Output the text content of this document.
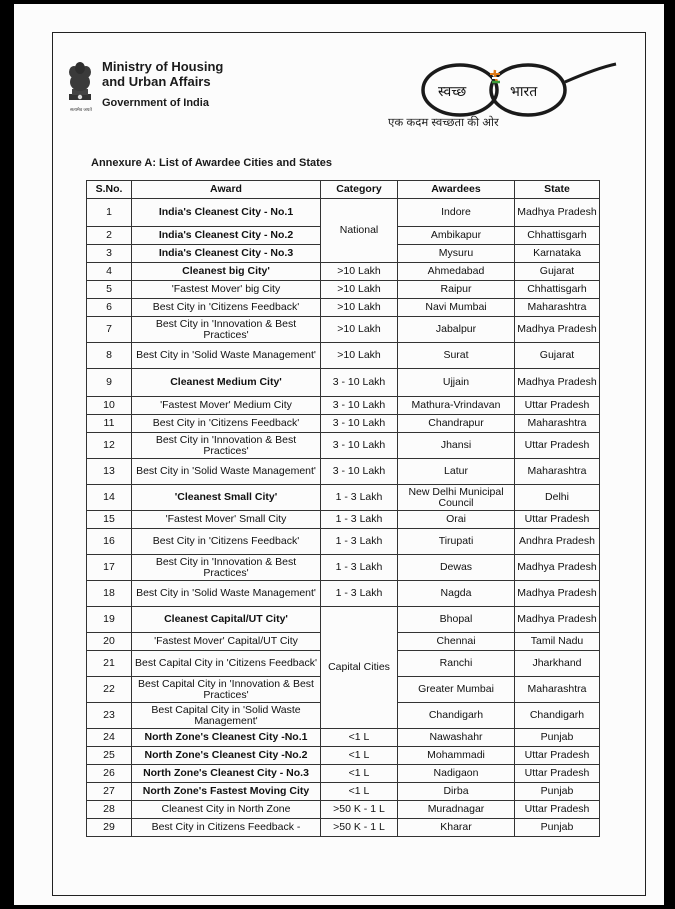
सत्यमेव जयते
Ministry of Housing
and Urban Affairs
Government of India
स्वच्छ	भारत
एक कदम स्वच्छता की ओर
Annexure A: List of Awardee Cities and States
S.No.	Award	Category	Awardees	State
1	India's Cleanest City - No.1	National	Indore	Madhya Pradesh
2	India's Cleanest City - No.2		Ambikapur	Chhattisgarh
3	India's Cleanest City - No.3		Mysuru	Karnataka
4	Cleanest big City'	>10 Lakh	Ahmedabad	Gujarat
5	'Fastest Mover' big City	>10 Lakh	Raipur	Chhattisgarh
6	Best City in 'Citizens Feedback'	>10 Lakh	Navi Mumbai	Maharashtra
7	Best City in 'Innovation & Best Practices'	>10 Lakh	Jabalpur	Madhya Pradesh
8	Best City in 'Solid Waste Management'	>10 Lakh	Surat	Gujarat
9	Cleanest Medium City'	3 - 10 Lakh	Ujjain	Madhya Pradesh
10	'Fastest Mover' Medium City	3 - 10 Lakh	Mathura-Vrindavan	Uttar Pradesh
11	Best City in 'Citizens Feedback'	3 - 10 Lakh	Chandrapur	Maharashtra
12	Best City in 'Innovation & Best Practices'	3 - 10 Lakh	Jhansi	Uttar Pradesh
13	Best City in 'Solid Waste Management'	3 - 10 Lakh	Latur	Maharashtra
14	'Cleanest Small City'	1 - 3 Lakh	New Delhi Municipal Council	Delhi
15	'Fastest Mover' Small City	1 - 3 Lakh	Orai	Uttar Pradesh
16	Best City in 'Citizens Feedback'	1 - 3 Lakh	Tirupati	Andhra Pradesh
17	Best City in 'Innovation & Best Practices'	1 - 3 Lakh	Dewas	Madhya Pradesh
18	Best City in 'Solid Waste Management'	1 - 3 Lakh	Nagda	Madhya Pradesh
19	Cleanest Capital/UT City'	Capital Cities	Bhopal	Madhya Pradesh
20	'Fastest Mover' Capital/UT City		Chennai	Tamil Nadu
21	Best Capital City in 'Citizens Feedback'		Ranchi	Jharkhand
22	Best Capital City in 'Innovation & Best Practices'		Greater Mumbai	Maharashtra
23	Best Capital City in 'Solid Waste Management'		Chandigarh	Chandigarh
24	North Zone's Cleanest City -No.1	<1 L	Nawashahr	Punjab
25	North Zone's Cleanest City -No.2	<1 L	Mohammadi	Uttar Pradesh
26	North Zone's Cleanest City - No.3	<1 L	Nadigaon	Uttar Pradesh
27	North Zone's Fastest Moving City	<1 L	Dirba	Punjab
28	Cleanest City in North Zone	>50 K - 1 L	Muradnagar	Uttar Pradesh
29	Best City in Citizens Feedback -	>50 K - 1 L	Kharar	Punjab
